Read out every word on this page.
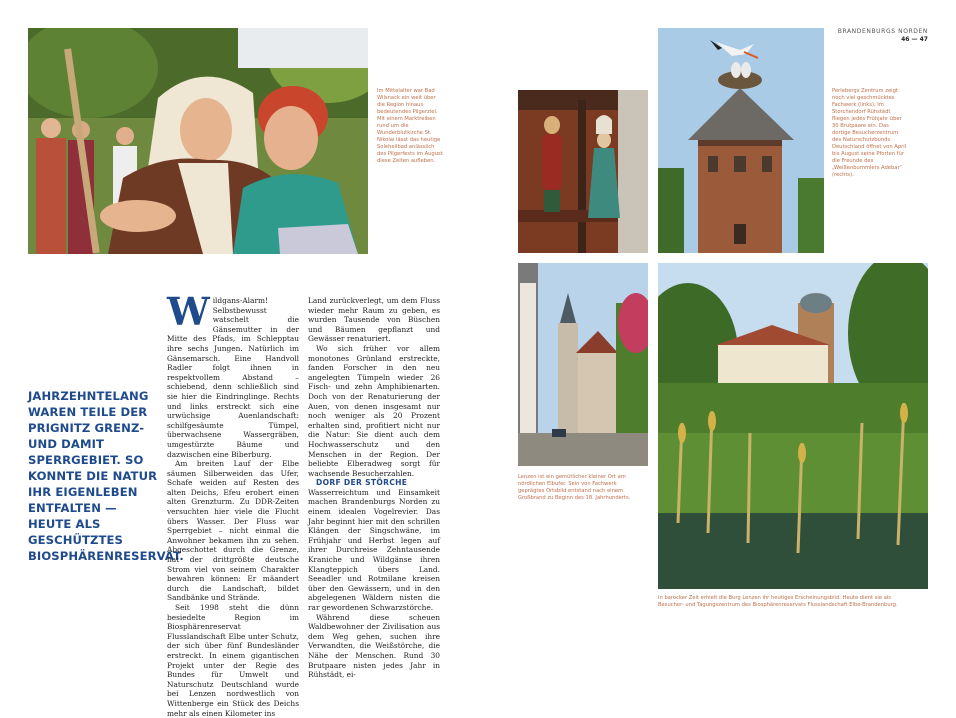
Im Mittelalter war Bad Wilsnack ein weit über die Region hinaus bedeutendes Pilgerziel. Mit einem Marktreiben rund um die Wunderblutkirche St. Nikolai lässt das heutige Soleheilbad anlässlich des Pilgerfests im August diese Zeiten aufleben.
JAHRZEHNTELANG WAREN TEILE DER PRIGNITZ GRENZ- UND DAMIT SPERRGEBIET. SO KONNTE DIE NATUR IHR EIGENLEBEN ENTFALTEN — HEUTE ALS GESCHÜTZTES BIOSPHÄRENRESERVAT.

Wildgans-Alarm! Selbstbewusst watschelt die Gänsemutter in der Mitte des Pfads, im Schlepptau ihre sechs Jungen. Natürlich im Gänsemarsch. Eine Handvoll Radler folgt ihnen in respektvollem Abstand – schiebend, denn schließlich sind sie hier die Eindringlinge. Rechts und links erstreckt sich eine urwüchsige Auenlandschaft: schilfgesäumte Tümpel, überwachsene Wassergräben, umgestürzte Bäume und dazwischen eine Biberburg.

Am breiten Lauf der Elbe säumen Silberweiden das Ufer, Schafe weiden auf Resten des alten Deichs, Efeu erobert einen alten Grenzturm. Zu DDR-Zeiten versuchten hier viele die Flucht übers Wasser. Der Fluss war Sperrgebiet – nicht einmal die Anwohner bekamen ihn zu sehen. Abgeschottet durch die Grenze, hat der drittgrößte deutsche Strom viel von seinem Charakter bewahren können: Er mäandert durch die Landschaft, bildet Sandbänke und Strände.

Seit 1998 steht die dünn besiedelte Region im Biosphärenreservat Flusslandschaft Elbe unter Schutz, der sich über fünf Bundesländer erstreckt. In einem gigantischen Projekt unter der Regie des Bundes für Umwelt und Naturschutz Deutschland wurde bei Lenzen nordwestlich von Wittenberge ein Stück des Deichs mehr als einen Kilometer ins

Land zurückverlegt, um dem Fluss wieder mehr Raum zu geben, es wurden Tausende von Büschen und Bäumen gepflanzt und Gewässer renaturiert.

Wo sich früher vor allem monotones Grünland erstreckte, fanden Forscher in den neu angelegten Tümpeln wieder 26 Fisch- und zehn Amphibienarten. Doch von der Renaturierung der Auen, von denen insgesamt nur noch weniger als 20 Prozent erhalten sind, profitiert nicht nur die Natur: Sie dient auch dem Hochwasserschutz und den Menschen in der Region. Der beliebte Elberadweg sorgt für wachsende Besucherzahlen.

DORF DER STÖRCHE

Wasserreichtum und Einsamkeit machen Brandenburgs Norden zu einem idealen Vogelrevier. Das Jahr beginnt hier mit den schrillen Klängen der Singschwäne, im Frühjahr und Herbst legen auf ihrer Durchreise Zehntausende Kraniche und Wildgänse ihren Klangteppich übers Land. Seeadler und Rotmilane kreisen über den Gewässern, und in den abgelegenen Wäldern nisten die rar gewordenen Schwarzstörche.

Während diese scheuen Waldbewohner der Zivilisation aus dem Weg gehen, suchen ihre Verwandten, die Weißstörche, die Nähe der Menschen. Rund 30 Brutpaare nisten jedes Jahr in Rühstädt, ei-

BRANDENBURGS NORDEN
46 — 47
Perlebergs Zentrum zeigt noch viel geschmücktes Fachwerk (links). Im Storchendorf Rühstädt fliegen jedes Frühjahr über 30 Brutpaare ein. Das dortige Besucherzentrum des Naturschutzbunds Deutschland öffnet von April bis August seine Pforten für die Freunde des „Weißenbummlers Adebar“ (rechts).
Lenzen ist ein gemütlicher kleiner Ort am nördlichen Elbufer. Sein von Fachwerk geprägtes Ortsbild entstand nach einem Großbrand zu Beginn des 18. Jahrhunderts.
In barocker Zeit erhielt die Burg Lenzen ihr heutiges Erscheinungsbild. Heute dient sie als Besucher- und Tagungszentrum des Biosphärenreservats Flusslandschaft Elbe-Brandenburg.
